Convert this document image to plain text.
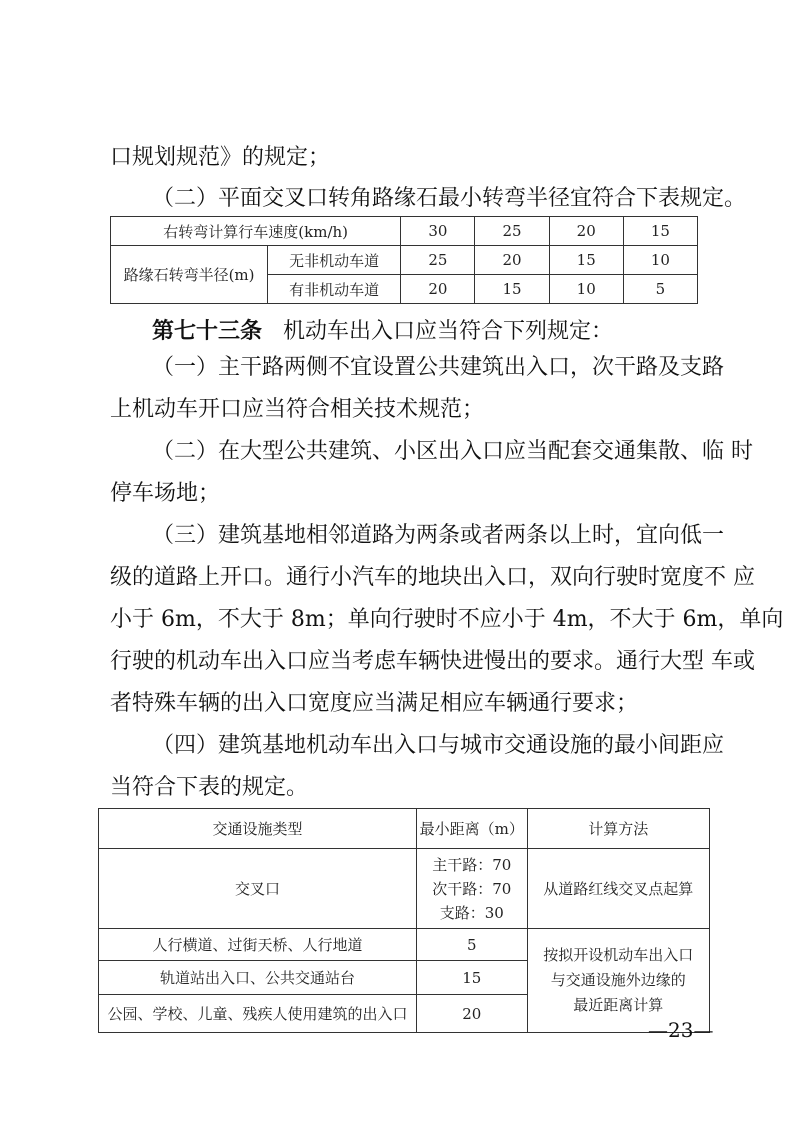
口规划规范》的规定；
（二）平面交叉口转角路缘石最小转弯半径宜符合下表规定。
右转弯计算行车速度(km/h)		30	25	20	15
路缘石转弯半径(m)	无非机动车道	25	20	15	10
	有非机动车道	20	15	10	5
第七十三条 机动车出入口应当符合下列规定：
（一）主干路两侧不宜设置公共建筑出入口，次干路及支路
上机动车开口应当符合相关技术规范；
（二）在大型公共建筑、小区出入口应当配套交通集散、临 时
停车场地；
（三）建筑基地相邻道路为两条或者两条以上时，宜向低一
级的道路上开口。通行小汽车的地块出入口，双向行驶时宽度不 应
小于 6m，不大于 8m；单向行驶时不应小于 4m，不大于 6m，单向
行驶的机动车出入口应当考虑车辆快进慢出的要求。通行大型 车或
者特殊车辆的出入口宽度应当满足相应车辆通行要求；
（四）建筑基地机动车出入口与城市交通设施的最小间距应
当符合下表的规定。
交通设施类型	最小距离（m）	计算方法
交叉口	主干路：70
次干路：70
支路：30	从道路红线交叉点起算
人行横道、过街天桥、人行地道	5	按拟开设机动车出入口
与交通设施外边缘的
最近距离计算

轨道站出入口、公共交通站台	15	
公园、学校、儿童、残疾人使用建筑的出入口	20	
—23—
